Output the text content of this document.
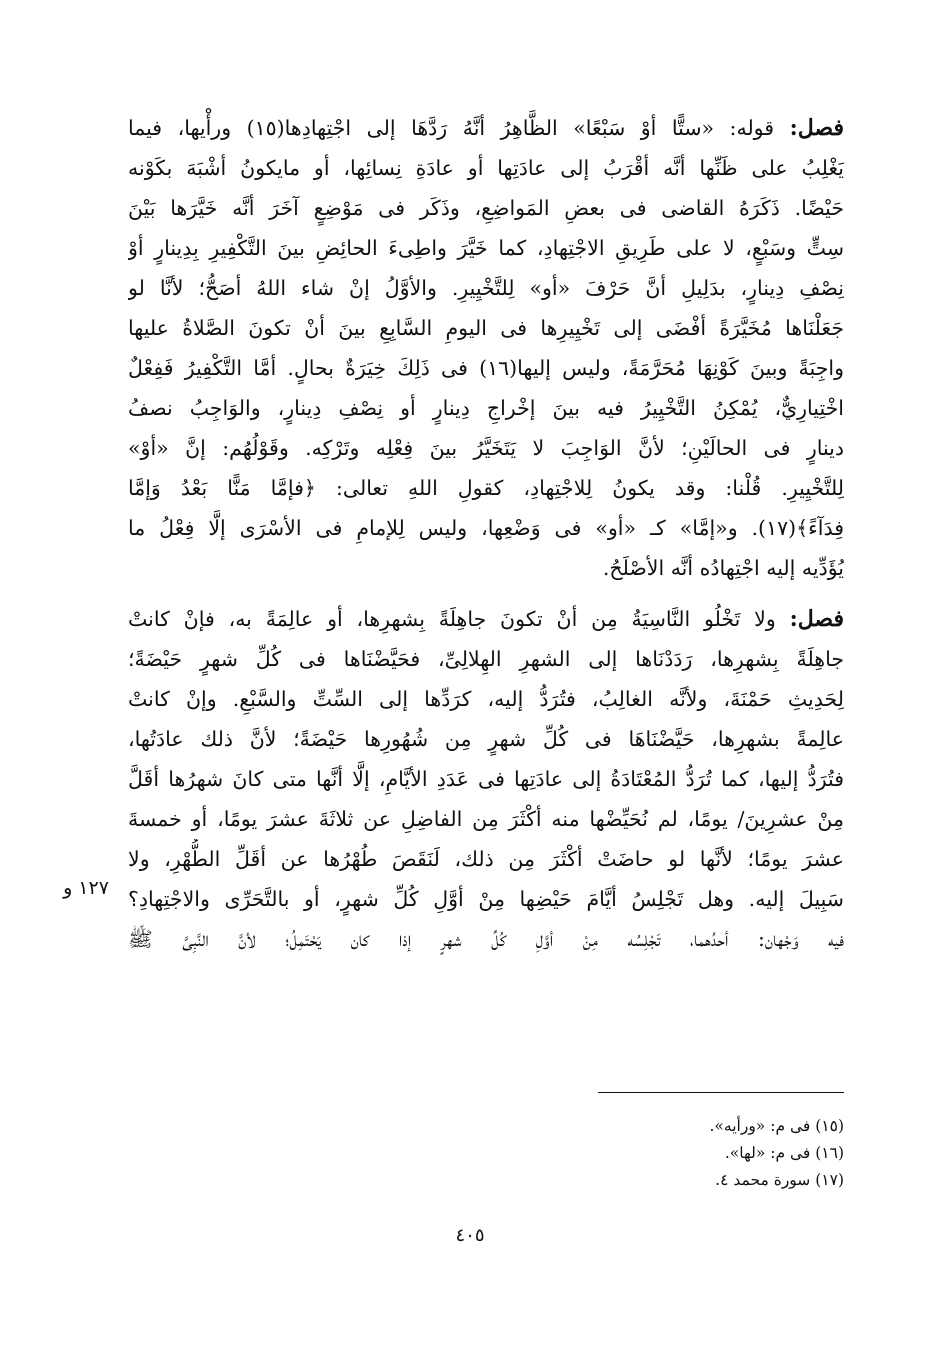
فصل: قوله: «ستًّا أوْ سَبْعًا» الظَّاهِرُ أنَّهُ رَدَّهَا إلى اجْتِهادِها(١٥) ورأْيها، فيما
يَغْلِبُ على ظَنِّها أنَّه أقْرَبُ إلى عادَتِها أو عادَةِ نِسائِها، أو مايكونُ أشْبَهَ بكَوْنه
حَيْضًا. ذَكَرَهُ القاضى فى بعضِ المَواضِعِ، وذَكَر فى مَوْضِعٍ آخَرَ أنَّه خَيَّرَها بَيْنَ
سِتٍّ وسَبْعٍ، لا على طَرِيقِ الاجْتِهادِ، كما خَيَّرَ واطِىءَ الحائِضِ بينَ التَّكْفِيرِ بِدِينارٍ أوْ
نِصْفِ دِينارٍ، بدَلِيلِ أنَّ حَرْفَ «أو» لِلتَّخْيِيرِ. والأوَّلُ إنْ شاء اللهُ أصَحُّ؛ لأنَّا لو
جَعَلْنَاها مُخَيَّرَةً أفْضَى إلى تَخْيِيرِها فى اليومِ السَّابِعِ بينَ أنْ تكونَ الصَّلاةُ عليها
واجِبَةً وبينَ كَوْنِهَا مُحَرَّمَةً، وليس إليها(١٦) فى ذَلِكَ خِيَرَةٌ بحالٍ. أمَّا التَّكْفِيرُ فَفِعْلٌ
اخْتِيارِيٌّ، يُمْكِنُ التَّخْيِيرُ فيه بينَ إخْراجِ دِينارٍ أو نِصْفِ دِينارٍ، والوَاجِبُ نصفُ
دينارٍ فى الحالَيْنِ؛ لأنَّ الوَاجِبَ لا يَتَخَيَّرُ بينَ فِعْلِه وتَرْكِه. وقَوْلُهُم: إنَّ «أوْ»
لِلتَّخْيِيرِ. قُلْنا: وقد يكونُ لِلاجْتِهادِ، كقولِ اللهِ تعالى: ﴿فإمَّا مَنًّا بَعْدُ وَإمَّا
فِدَآءً﴾(١٧). و«إمَّا» كـ «أو» فى وَضْعِها، وليس لِلإمامِ فى الأسْرَى إلَّا فِعْلُ ما
يُؤَدِّيه إليه اجْتِهادُه أنَّه الأصْلَحُ.
فصل: ولا تَخْلُو النَّاسِيَةُ مِن أنْ تكونَ جاهِلَةً بِشهرِها، أو عالِمَةً به، فإنْ كانتْ
جاهِلَةً بِشهرِها، رَدَدْنَاها إلى الشهرِ الهِلالِىِّ، فحَيَّضْنَاها فى كُلِّ شهرٍ حَيْضَةً؛
لِحَدِيثِ حَمْنَةَ، ولأنَّه الغالِبُ، فتُرَدُّ إليه، كرَدِّها إلى السِّتِّ والسَّبْعِ. وإنْ كانتْ
عالِمةً بشهرِها، حَيَّضْنَاهَا فى كُلِّ شهرٍ مِن شُهُورِها حَيْضَةً؛ لأنَّ ذلك عادَتُها،
فتُرَدُّ إليها، كما تُرَدُّ المُعْتَادَةُ إلى عادَتِها فى عَدَدِ الأيَّامِ، إلَّا أنَّها متى كانَ شهرُها أقَلَّ
مِنْ عشرِينَ/ يومًا، لم نُحَيِّضْها منه أكْثَرَ مِن الفاضِلِ عن ثلاثَةَ عشرَ يومًا، أو خمسةَ
عشرَ يومًا؛ لأنَّها لو حاضَتْ أكْثَرَ مِن ذلك، لَنَقَصَ طُهْرُها عن أقَلِّ الطُّهْرِ، ولا
سَبِيلَ إليه. وهل تَجْلِسُ أيَّامَ حَيْضِها مِنْ أوَّلِ كُلِّ شهرٍ، أو بالتَّحَرِّى والاجْتِهادِ؟
فيه وَجْهان: أحدُهما، تَجْلِسُه مِنْ أوَّلِ كُلِّ شهرٍ إذا كان يَحْتَمِلُ؛ لأنَّ النَّبِىَّ ﷺ
١٢٧ و
(١٥) فى م: «ورأيه».
(١٦) فى م: «لها».
(١٧) سورة محمد ٤.
٤٠٥
